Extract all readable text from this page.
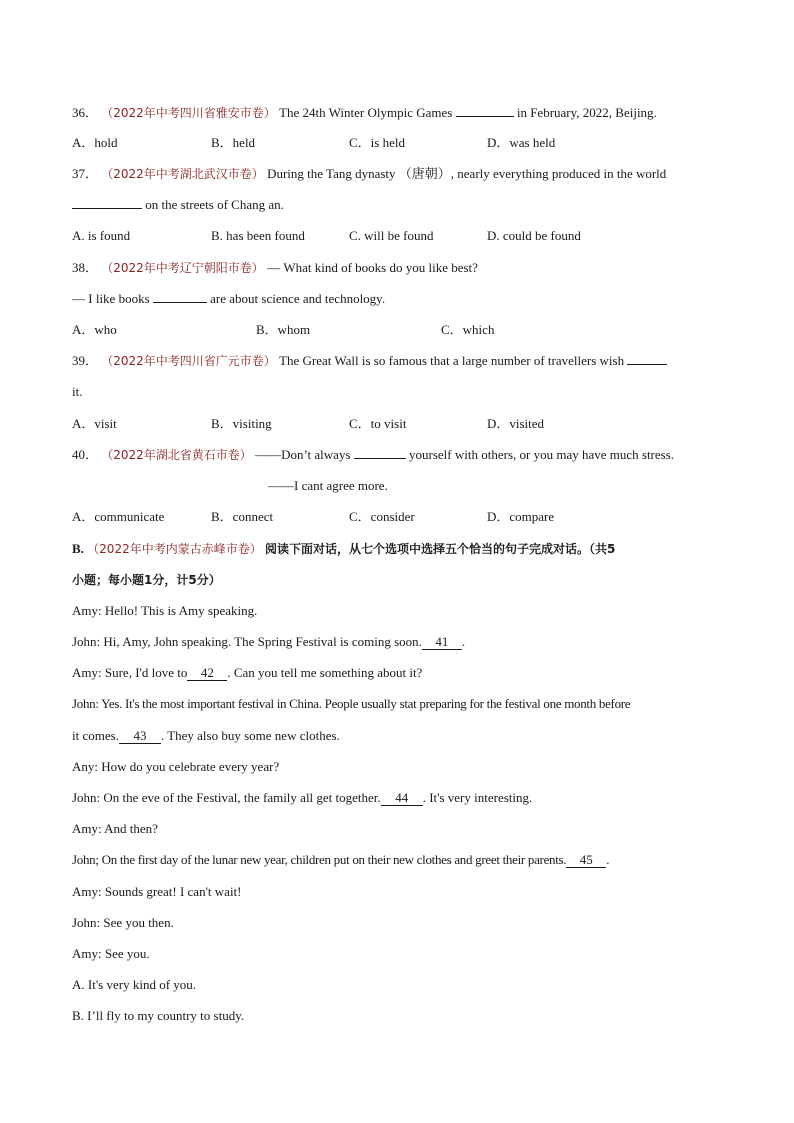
36． （2022年中考四川省雅安市卷） The 24th Winter Olympic Games	in February, 2022, Beijing.
A．hold	B．held	C．is held	D．was held
37． （2022年中考湖北武汉市卷） During the Tang dynasty （唐朝）, nearly everything produced in the world
on the streets of Chang an.
A. is found	B. has been found	C. will be found	D. could be found
38． （2022年中考辽宁朝阳市卷） — What kind of books do you like best?
— I like books	are about science and technology.
A．who	B．whom	C．which
39． （2022年中考四川省广元市卷） The Great Wall is so famous that a large number of travellers wish
it.
A．visit	B．visiting	C．to visit	D．visited
40． （2022年湖北省黄石市卷） ——Don’t always	yourself with others, or you may have much stress.
——I cant agree more.
A．communicate	B．connect	C．consider	D．compare
B. （2022年中考内蒙古赤峰市卷） 阅读下面对话，从七个选项中选择五个恰当的句子完成对话。（共5
小题；每小题1分，计5分）
Amy: Hello! This is Amy speaking.
John: Hi, Amy, John speaking. The Spring Festival is coming soon. 41 .
Amy: Sure, I'd love to 42 . Can you tell me something about it?
John: Yes. It's the most important festival in China. People usually stat preparing for the festival one month before
it comes. 43 . They also buy some new clothes.
Any: How do you celebrate every year?
John: On the eve of the Festival, the family all get together. 44 . It's very interesting.
Amy: And then?
John; On the first day of the lunar new year, children put on their new clothes and greet their parents. 45 .
Amy: Sounds great! I can't wait!
John: See you then.
Amy: See you.
A. It's very kind of you.
B. I’ll fly to my country to study.
